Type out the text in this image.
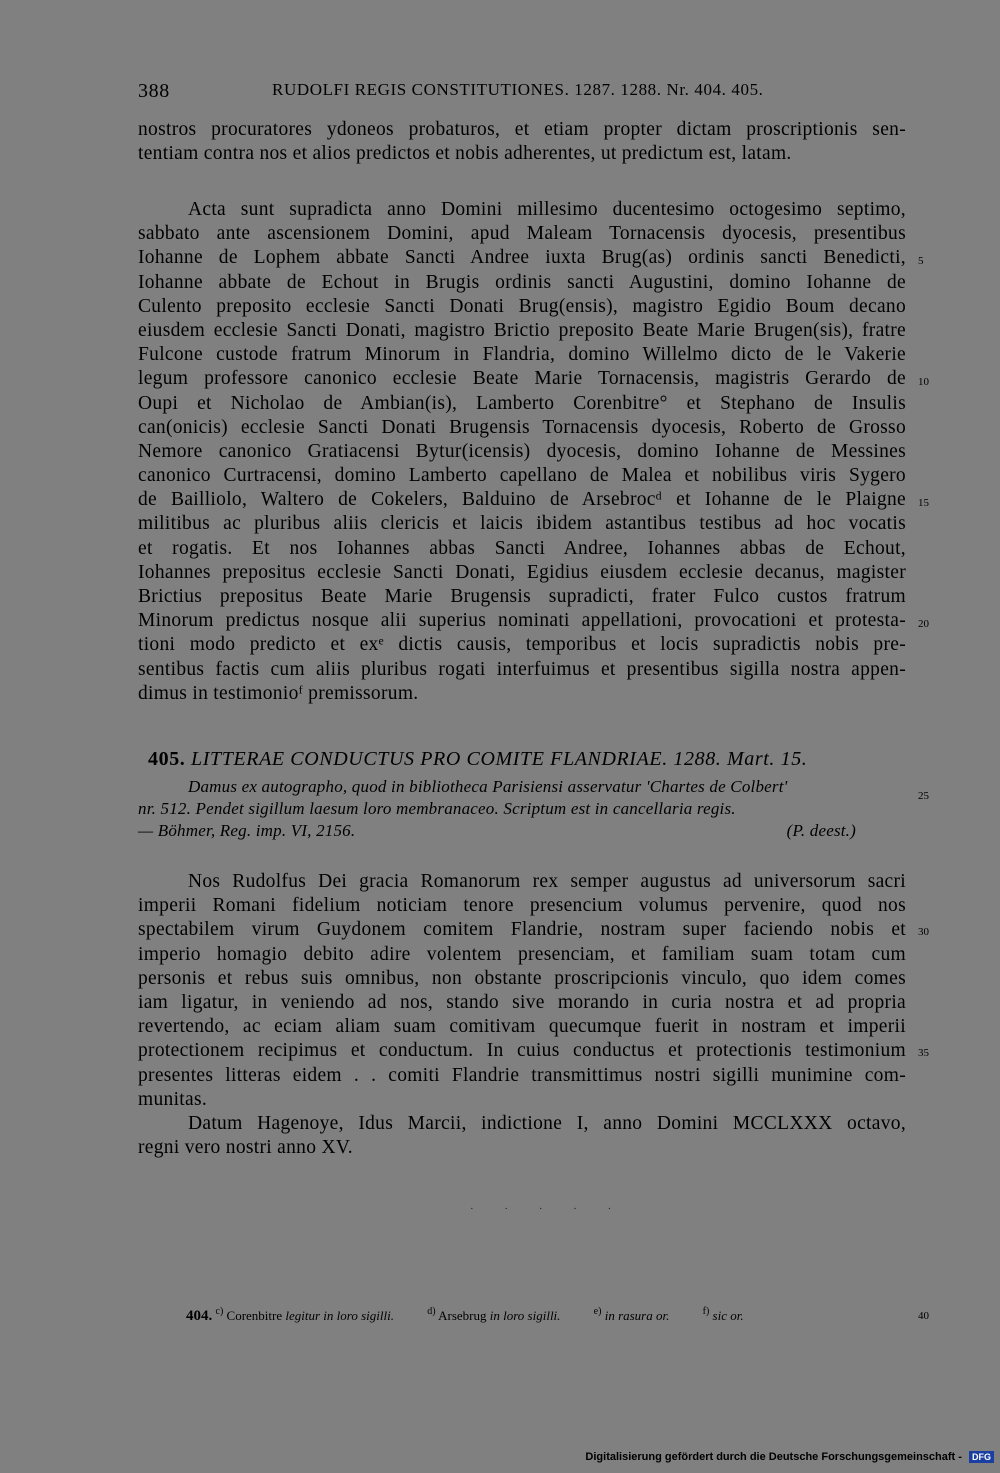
388	RUDOLFI REGIS CONSTITUTIONES. 1287. 1288. Nr. 404. 405.
nostros procuratores ydoneos probaturos, et etiam propter dictam proscriptionis sen-
tentiam contra nos et alios predictos et nobis adherentes, ut predictum est, latam.
Acta sunt supradicta anno Domini millesimo ducentesimo octogesimo septimo,
sabbato ante ascensionem Domini, apud Maleam Tornacensis dyocesis, presentibus
Iohanne de Lophem abbate Sancti Andree iuxta Brug(as) ordinis sancti Benedicti,
Iohanne abbate de Echout in Brugis ordinis sancti Augustini, domino Iohanne de
Culento preposito ecclesie Sancti Donati Brug(ensis), magistro Egidio Boum decano
eiusdem ecclesie Sancti Donati, magistro Brictio preposito Beate Marie Brugen(sis), fratre
Fulcone custode fratrum Minorum in Flandria, domino Willelmo dicto de le Vakerie
legum professore canonico ecclesie Beate Marie Tornacensis, magistris Gerardo de
Oupi et Nicholao de Ambian(is), Lamberto Corenbitre° et Stephano de Insulis
can(onicis) ecclesie Sancti Donati Brugensis Tornacensis dyocesis, Roberto de Grosso
Nemore canonico Gratiacensi Bytur(icensis) dyocesis, domino Iohanne de Messines
canonico Curtracensi, domino Lamberto capellano de Malea et nobilibus viris Sygero
de Bailliolo, Waltero de Cokelers, Balduino de Arsebrocᵈ et Iohanne de le Plaigne
militibus ac pluribus aliis clericis et laicis ibidem astantibus testibus ad hoc vocatis
et rogatis. Et nos Iohannes abbas Sancti Andree, Iohannes abbas de Echout,
Iohannes prepositus ecclesie Sancti Donati, Egidius eiusdem ecclesie decanus, magister
Brictius prepositus Beate Marie Brugensis supradicti, frater Fulco custos fratrum
Minorum predictus nosque alii superius nominati appellationi, provocationi et protesta-
tioni modo predicto et exᵉ dictis causis, temporibus et locis supradictis nobis pre-
sentibus factis cum aliis pluribus rogati interfuimus et presentibus sigilla nostra appen-
dimus in testimonioᶠ premissorum.
5
10
15
20
25
30
35
405. LITTERAE CONDUCTUS PRO COMITE FLANDRIAE. 1288. Mart. 15.
Damus ex autographo, quod in bibliotheca Parisiensi asservatur 'Chartes de Colbert'
nr. 512. Pendet sigillum laesum loro membranaceo. Scriptum est in cancellaria regis.
— Böhmer, Reg. imp. VI, 2156.	(P. deest.)
Nos Rudolfus Dei gracia Romanorum rex semper augustus ad universorum sacri
imperii Romani fidelium noticiam tenore presencium volumus pervenire, quod nos
spectabilem virum Guydonem comitem Flandrie, nostram super faciendo nobis et
imperio homagio debito adire volentem presenciam, et familiam suam totam cum
personis et rebus suis omnibus, non obstante proscripcionis vinculo, quo idem comes
iam ligatur, in veniendo ad nos, stando sive morando in curia nostra et ad propria
revertendo, ac eciam aliam suam comitivam quecumque fuerit in nostram et imperii
protectionem recipimus et conductum. In cuius conductus et protectionis testimonium
presentes litteras eidem . . comiti Flandrie transmittimus nostri sigilli munimine com-
munitas.
Datum Hagenoye, Idus Marcii, indictione I, anno Domini MCCLXXX octavo,
regni vero nostri anno XV.
· · · · ·
404. $^{c)}$ Corenbitre legitur in loro sigilli.	$^{d)}$ Arsebrug in loro sigilli.	$^{e)}$ in rasura or.	$^{f)}$ sic or.	40
Digitalisierung gefördert durch die Deutsche Forschungsgemeinschaft - DFG
